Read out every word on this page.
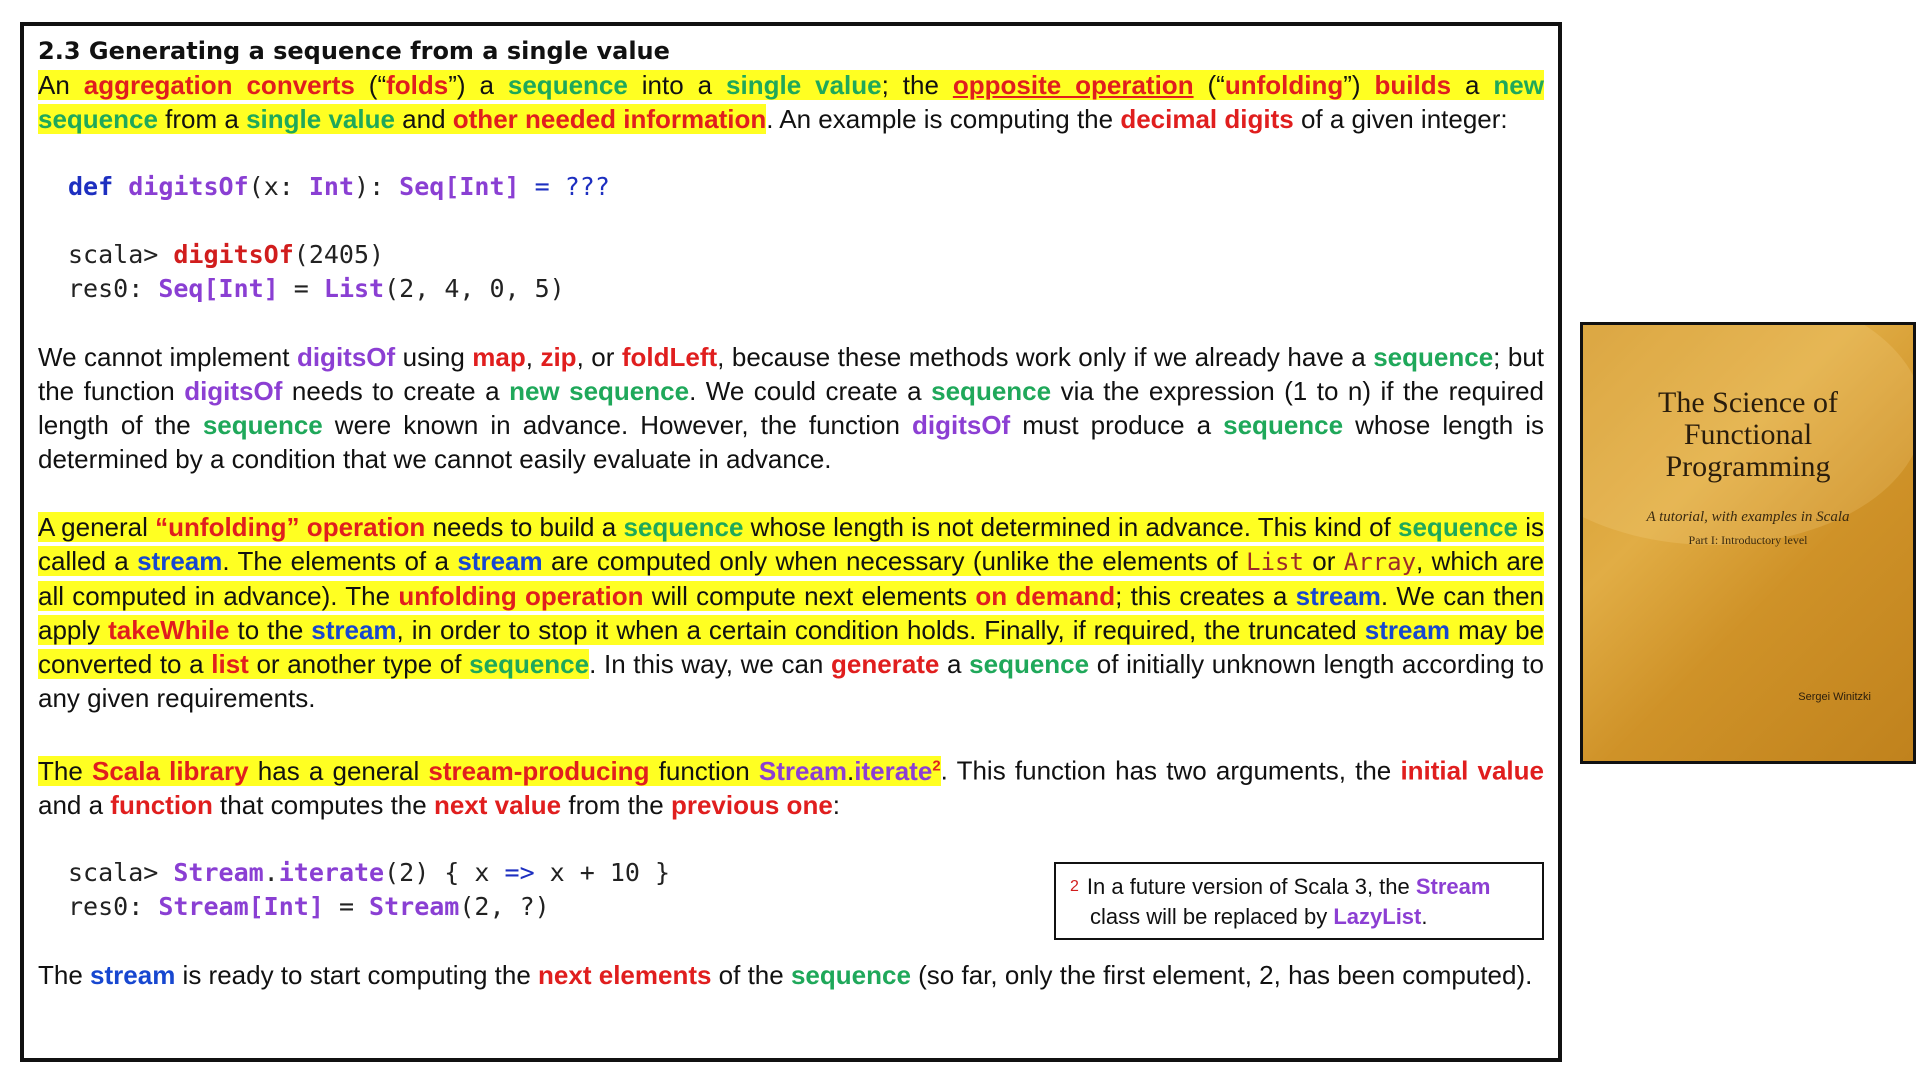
2.3 Generating a sequence from a single value

An aggregation converts (“folds”) a sequence into a single value; the opposite operation (“unfolding”) builds a new sequence from a single value and other needed information. An example is computing the decimal digits of a given integer:

def digitsOf(x: Int): Seq[Int] = ???

scala> digitsOf(2405)

res0: Seq[Int] = List(2, 4, 0, 5)

We cannot implement digitsOf using map, zip, or foldLeft, because these methods work only if we already have a sequence; but the function digitsOf needs to create a new sequence. We could create a sequence via the expression (1 to n) if the required length of the sequence were known in advance. However, the function digitsOf must produce a sequence whose length is determined by a condition that we cannot easily evaluate in advance.

A general “unfolding” operation needs to build a sequence whose length is not determined in advance. This kind of sequence is called a stream. The elements of a stream are computed only when necessary (unlike the elements of List or Array, which are all computed in advance). The unfolding operation will compute next elements on demand; this creates a stream. We can then apply takeWhile to the stream, in order to stop it when a certain condition holds. Finally, if required, the truncated stream may be converted to a list or another type of sequence. In this way, we can generate a sequence of initially unknown length according to any given requirements.

The Scala library has a general stream-producing function Stream.iterate$^2$. This function has two arguments, the initial value and a function that computes the next value from the previous one:

scala> Stream.iterate(2) { x => x + 10 }

res0: Stream[Int] = Stream(2, ?)

The stream is ready to start computing the next elements of the sequence (so far, only the first element, 2, has been computed).

$^2$ In a future version of Scala 3, the Stream
class will be replaced by LazyList.
The Science of
Functional
Programming
A tutorial, with examples in Scala
Part I: Introductory level
Sergei Winitzki
